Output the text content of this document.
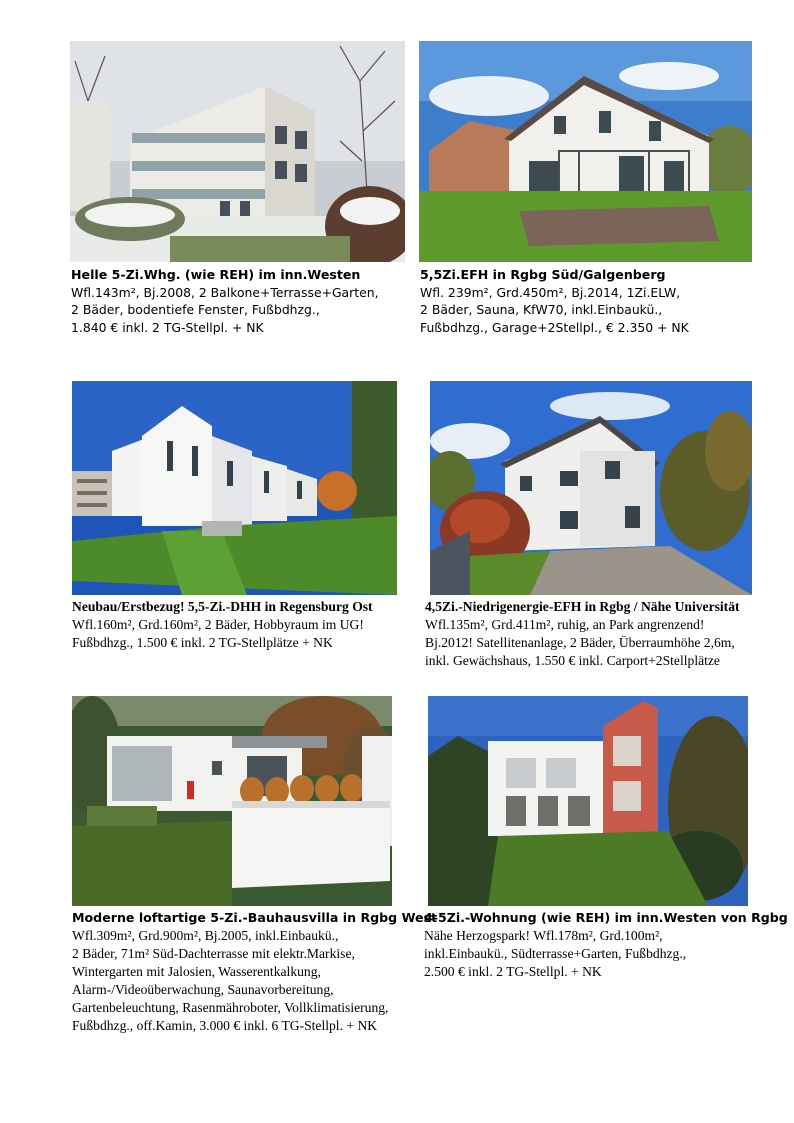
Helle 5-Zi.Whg. (wie REH) im inn.Westen
Wfl.143m², Bj.2008, 2 Balkone+Terrasse+Garten,
2 Bäder, bodentiefe Fenster, Fußbdhzg.,
1.840 € inkl. 2 TG-Stellpl. + NK
5,5Zi.EFH in Rgbg Süd/Galgenberg
Wfl. 239m², Grd.450m², Bj.2014, 1Zi.ELW,
2 Bäder, Sauna, KfW70, inkl.Einbaukü.,
Fußbdhzg., Garage+2Stellpl., € 2.350 + NK
Neubau/Erstbezug! 5,5-Zi.-DHH in Regensburg Ost
Wfl.160m², Grd.160m², 2 Bäder, Hobbyraum im UG!
Fußbdhzg., 1.500 € inkl. 2 TG-Stellplätze + NK
4,5Zi.-Niedrigenergie-EFH in Rgbg / Nähe Universität
Wfl.135m², Grd.411m², ruhig, an Park angrenzend!
Bj.2012! Satellitenanlage, 2 Bäder, Überraumhöhe 2,6m,
inkl. Gewächshaus, 1.550 € inkl. Carport+2Stellplätze
Moderne loftartige 5-Zi.-Bauhausvilla in Rgbg West
Wfl.309m², Grd.900m², Bj.2005, inkl.Einbaukü.,
2 Bäder, 71m² Süd-Dachterrasse mit elektr.Markise,
Wintergarten mit Jalosien, Wasserentkalkung,
Alarm-/Videoüberwachung, Saunavorbereitung,
Gartenbeleuchtung, Rasenmähroboter, Vollklimatisierung,
Fußbdhzg., off.Kamin, 3.000 € inkl. 6 TG-Stellpl. + NK
4-5Zi.-Wohnung (wie REH) im inn.Westen von Rgbg
Nähe Herzogspark! Wfl.178m², Grd.100m²,
inkl.Einbaukü., Südterrasse+Garten, Fußbdhzg.,
2.500 € inkl. 2 TG-Stellpl. + NK
